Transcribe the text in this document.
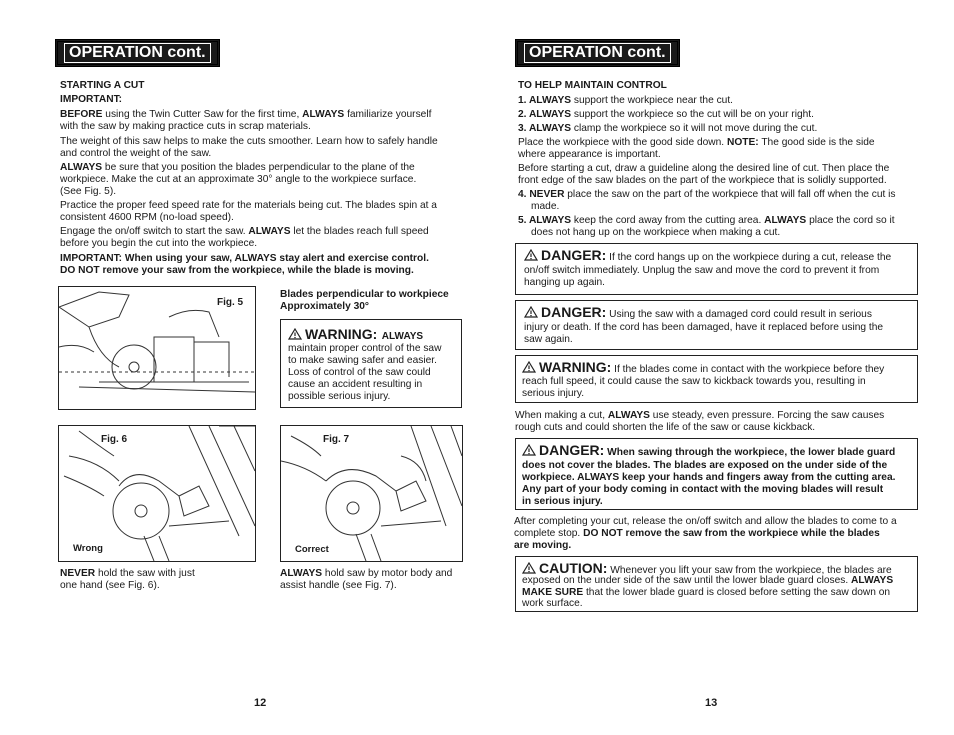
OPERATION cont.
STARTING A CUT
IMPORTANT:
BEFORE using the Twin Cutter Saw for the first time, ALWAYS familiarize yourself
with the saw by making practice cuts in scrap materials.
The weight of this saw helps to make the cuts smoother. Learn how to safely handle
and control the weight of the saw.
ALWAYS be sure that you position the blades perpendicular to the plane of the
workpiece. Make the cut at an approximate 30° angle to the workpiece surface.
(See Fig. 5).
Practice the proper feed speed rate for the materials being cut. The blades spin at a
consistent 4600 RPM (no-load speed).
Engage the on/off switch to start the saw. ALWAYS let the blades reach full speed
before you begin the cut into the workpiece.
IMPORTANT: When using your saw, ALWAYS stay alert and exercise control.
DO NOT remove your saw from the workpiece, while the blade is moving.
Fig. 5
Blades perpendicular to workpiece
Approximately 30°
WARNING: ALWAYS
maintain proper control of the saw
to make sawing safer and easier.
Loss of control of the saw could
cause an accident resulting in
possible serious injury.
Fig. 6
Wrong
Fig. 7
Correct
NEVER hold the saw with just
one hand (see Fig. 6).
ALWAYS hold saw by motor body and
assist handle (see Fig. 7).
12
OPERATION cont.
TO HELP MAINTAIN CONTROL
1. ALWAYS support the workpiece near the cut.
2. ALWAYS support the workpiece so the cut will be on your right.
3. ALWAYS clamp the workpiece so it will not move during the cut.
Place the workpiece with the good side down. NOTE: The good side is the side
where appearance is important.
Before starting a cut, draw a guideline along the desired line of cut. Then place the
front edge of the saw blades on the part of the workpiece that is solidly supported.
4. NEVER place the saw on the part of the workpiece that will fall off when the cut is
made.
5. ALWAYS keep the cord away from the cutting area. ALWAYS place the cord so it
does not hang up on the workpiece when making a cut.
DANGER: If the cord hangs up on the workpiece during a cut, release the
on/off switch immediately. Unplug the saw and move the cord to prevent it from
hanging up again.
DANGER: Using the saw with a damaged cord could result in serious
injury or death. If the cord has been damaged, have it replaced before using the
saw again.
WARNING: If the blades come in contact with the workpiece before they
reach full speed, it could cause the saw to kickback towards you, resulting in
serious injury.
When making a cut, ALWAYS use steady, even pressure. Forcing the saw causes
rough cuts and could shorten the life of the saw or cause kickback.
DANGER: When sawing through the workpiece, the lower blade guard
does not cover the blades. The blades are exposed on the under side of the
workpiece. ALWAYS keep your hands and fingers away from the cutting area.
Any part of your body coming in contact with the moving blades will result
in serious injury.
After completing your cut, release the on/off switch and allow the blades to come to a
complete stop. DO NOT remove the saw from the workpiece while the blades
are moving.
CAUTION: Whenever you lift your saw from the workpiece, the blades are
exposed on the under side of the saw until the lower blade guard closes. ALWAYS
MAKE SURE that the lower blade guard is closed before setting the saw down on
work surface.
13
